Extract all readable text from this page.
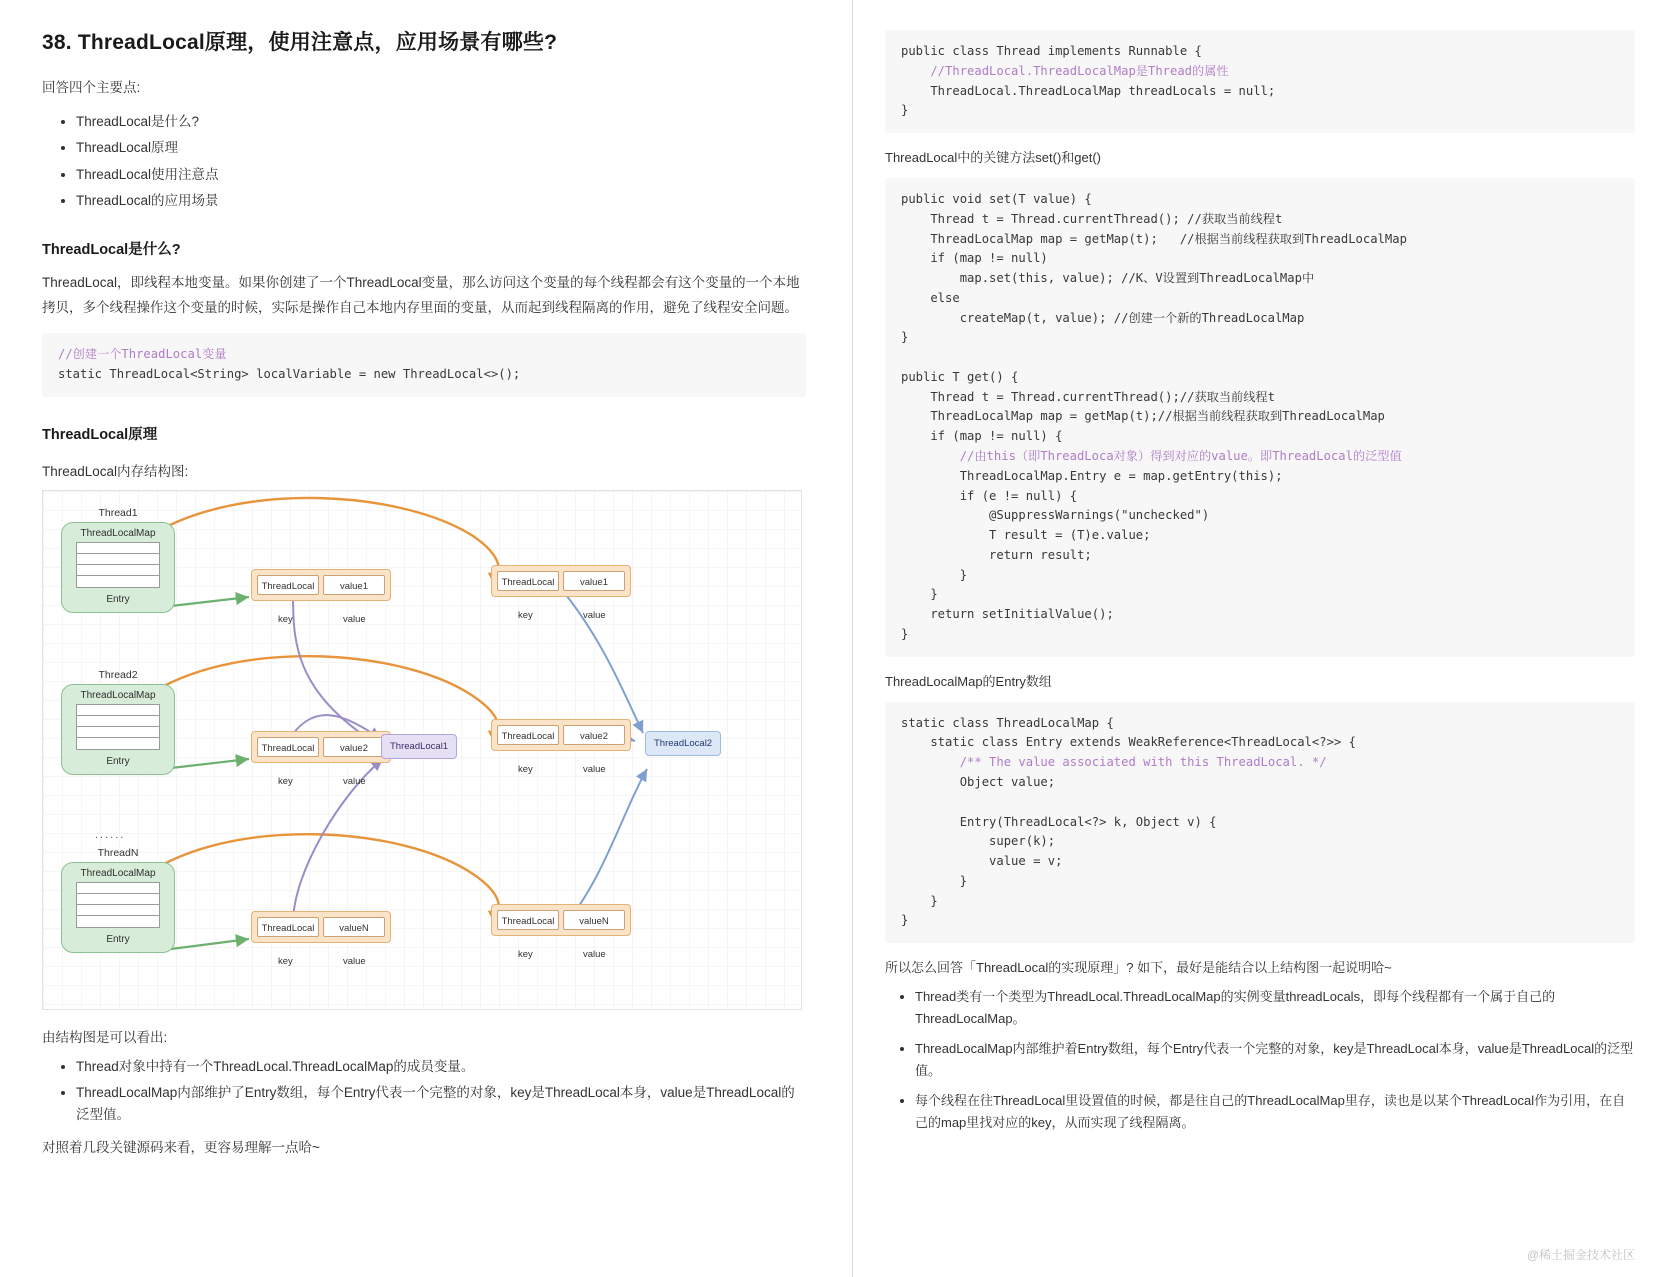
38. ThreadLocal原理，使用注意点，应用场景有哪些?

回答四个主要点:

• ThreadLocal是什么?
• ThreadLocal原理
• ThreadLocal使用注意点
• ThreadLocal的应用场景
ThreadLocal是什么?

ThreadLocal，即线程本地变量。如果你创建了一个ThreadLocal变量，那么访问这个变量的每个线程都会有这个变量的一个本地拷贝，多个线程操作这个变量的时候，实际是操作自己本地内存里面的变量，从而起到线程隔离的作用，避免了线程安全问题。

//创建一个ThreadLocal变量
static ThreadLocal<String> localVariable = new ThreadLocal<>();
ThreadLocal原理

ThreadLocal内存结构图:

Thread1
ThreadLocalMap
Entry
Thread2
ThreadLocalMap
Entry
......
ThreadN
ThreadLocalMap
Entry
ThreadLocal	value1
key	value
ThreadLocal	value2
key	value
ThreadLocal	valueN
key	value
ThreadLocal	value1
key	value
ThreadLocal	value2
key	value
ThreadLocal	valueN
key	value
ThreadLocal1	ThreadLocal2

由结构图是可以看出:

• Thread对象中持有一个ThreadLocal.ThreadLocalMap的成员变量。
• ThreadLocalMap内部维护了Entry数组，每个Entry代表一个完整的对象，key是ThreadLocal本身，value是ThreadLocal的泛型值。

对照着几段关键源码来看，更容易理解一点哈~

public class Thread implements Runnable {
//ThreadLocal.ThreadLocalMap是Thread的属性
ThreadLocal.ThreadLocalMap threadLocals = null;
}

ThreadLocal中的关键方法set()和get()

public void set(T value) {
Thread t = Thread.currentThread(); //获取当前线程t
ThreadLocalMap map = getMap(t);   //根据当前线程获取到ThreadLocalMap
if (map != null)
map.set(this, value); //K、V设置到ThreadLocalMap中
else
createMap(t, value); //创建一个新的ThreadLocalMap
}

public T get() {
Thread t = Thread.currentThread();//获取当前线程t
ThreadLocalMap map = getMap(t);//根据当前线程获取到ThreadLocalMap
if (map != null) {
//由this（即ThreadLoca对象）得到对应的value。即ThreadLocal的泛型值
ThreadLocalMap.Entry e = map.getEntry(this);
if (e != null) {
@SuppressWarnings("unchecked")
T result = (T)e.value;
return result;
}
}
return setInitialValue();
}

ThreadLocalMap的Entry数组

static class ThreadLocalMap {
static class Entry extends WeakReference<ThreadLocal<?>> {
/** The value associated with this ThreadLocal. */
Object value;

Entry(ThreadLocal<?> k, Object v) {
super(k);
value = v;
}
}
}

所以怎么回答「ThreadLocal的实现原理」? 如下，最好是能结合以上结构图一起说明哈~

• Thread类有一个类型为ThreadLocal.ThreadLocalMap的实例变量threadLocals，即每个线程都有一个属于自己的ThreadLocalMap。
• ThreadLocalMap内部维护着Entry数组，每个Entry代表一个完整的对象，key是ThreadLocal本身，value是ThreadLocal的泛型值。
• 每个线程在往ThreadLocal里设置值的时候，都是往自己的ThreadLocalMap里存，读也是以某个ThreadLocal作为引用，在自己的map里找对应的key，从而实现了线程隔离。
@稀土掘金技术社区
